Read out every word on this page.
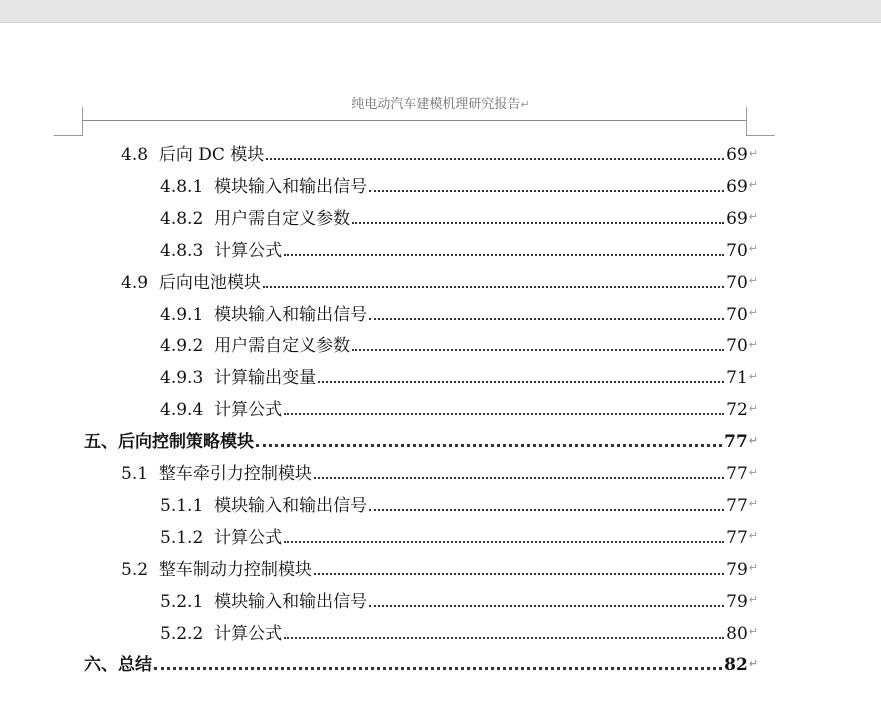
纯电动汽车建模机理研究报告↵
4.8 后向 DC 模块	69 ↵
4.8.1 模块输入和输出信号	69 ↵
4.8.2 用户需自定义参数	69 ↵
4.8.3 计算公式	70 ↵
4.9 后向电池模块	70 ↵
4.9.1 模块输入和输出信号	70 ↵
4.9.2 用户需自定义参数	70 ↵
4.9.3 计算输出变量	71 ↵
4.9.4 计算公式	72 ↵
五、后向控制策略模块	77 ↵
5.1 整车牵引力控制模块	77 ↵
5.1.1 模块输入和输出信号	77 ↵
5.1.2 计算公式	77 ↵
5.2 整车制动力控制模块	79 ↵
5.2.1 模块输入和输出信号	79 ↵
5.2.2 计算公式	80 ↵
六、总结	82 ↵
